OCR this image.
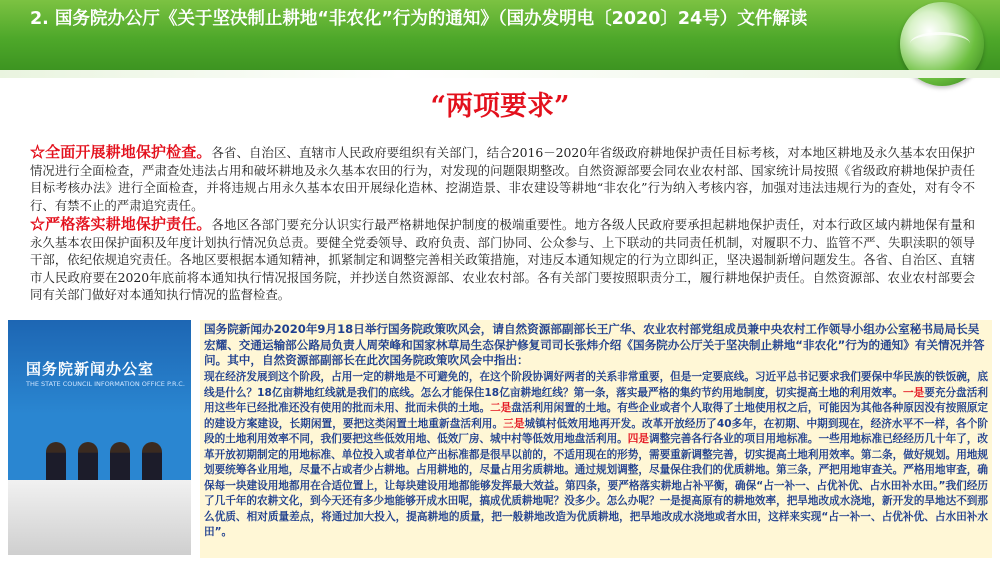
2. 国务院办公厅《关于坚决制止耕地“非农化”行为的通知》（国办发明电〔2020〕24号）文件解读
“两项要求”
☆全面开展耕地保护检查。各省、自治区、直辖市人民政府要组织有关部门，结合2016－2020年省级政府耕地保护责任目标考核，对本地区耕地及永久基本农田保护情况进行全面检查，严肃查处违法占用和破坏耕地及永久基本农田的行为，对发现的问题限期整改。自然资源部要会同农业农村部、国家统计局按照《省级政府耕地保护责任目标考核办法》进行全面检查，并将违规占用永久基本农田开展绿化造林、挖湖造景、非农建设等耕地“非农化”行为纳入考核内容，加强对违法违规行为的查处，对有令不行、有禁不止的严肃追究责任。
☆严格落实耕地保护责任。各地区各部门要充分认识实行最严格耕地保护制度的极端重要性。地方各级人民政府要承担起耕地保护责任，对本行政区域内耕地保有量和永久基本农田保护面积及年度计划执行情况负总责。要健全党委领导、政府负责、部门协同、公众参与、上下联动的共同责任机制，对履职不力、监管不严、失职渎职的领导干部，依纪依规追究责任。各地区要根据本通知精神，抓紧制定和调整完善相关政策措施，对违反本通知规定的行为立即纠正，坚决遏制新增问题发生。各省、自治区、直辖市人民政府要在2020年底前将本通知执行情况报国务院，并抄送自然资源部、农业农村部。各有关部门要按照职责分工，履行耕地保护责任。自然资源部、农业农村部要会同有关部门做好对本通知执行情况的监督检查。
国务院新闻办公室
THE STATE COUNCIL INFORMATION OFFICE P.R.C.
国务院新闻办2020年9月18日举行国务院政策吹风会，请自然资源部副部长王广华、农业农村部党组成员兼中央农村工作领导小组办公室秘书局局长吴宏耀、交通运输部公路局负责人周荣峰和国家林草局生态保护修复司司长张炜介绍《国务院办公厅关于坚决制止耕地“非农化”行为的通知》有关情况并答问。其中，自然资源部副部长在此次国务院政策吹风会中指出：
现在经济发展到这个阶段，占用一定的耕地是不可避免的，在这个阶段协调好两者的关系非常重要，但是一定要底线。习近平总书记要求我们要保中华民族的铁饭碗，底线是什么？18亿亩耕地红线就是我们的底线。怎么才能保住18亿亩耕地红线？第一条，落实最严格的集约节约用地制度，切实提高土地的利用效率。一是要充分盘活利用这些年已经批准还没有使用的批而未用、批而未供的土地。二是盘活利用闲置的土地。有些企业或者个人取得了土地使用权之后，可能因为其他各种原因没有按照原定的建设方案建设，长期闲置，要把这类闲置土地重新盘活利用。三是城镇村低效用地再开发。改革开放经历了40多年，在初期、中期到现在，经济水平不一样，各个阶段的土地利用效率不同，我们要把这些低效用地、低效厂房、城中村等低效用地盘活利用。四是调整完善各行各业的项目用地标准。一些用地标准已经经历几十年了，改革开放初期制定的用地标准、单位投入或者单位产出标准都是很早以前的，不适用现在的形势，需要重新调整完善，切实提高土地利用效率。第二条，做好规划。用地规划要统筹各业用地，尽量不占或者少占耕地。占用耕地的，尽量占用劣质耕地。通过规划调整，尽量保住我们的优质耕地。第三条，严把用地审查关。严格用地审查，确保每一块建设用地都用在合适位置上，让每块建设用地都能够发挥最大效益。第四条，要严格落实耕地占补平衡，确保“占一补一、占优补优、占水田补水田。”我们经历了几千年的农耕文化，到今天还有多少地能够开成水田呢，搞成优质耕地呢？没多少。怎么办呢？一是提高原有的耕地效率，把旱地改成水浇地，新开发的旱地达不到那么优质、相对质量差点，将通过加大投入，提高耕地的质量，把一般耕地改造为优质耕地，把旱地改成水浇地或者水田，这样来实现“占一补一、占优补优、占水田补水田”。
